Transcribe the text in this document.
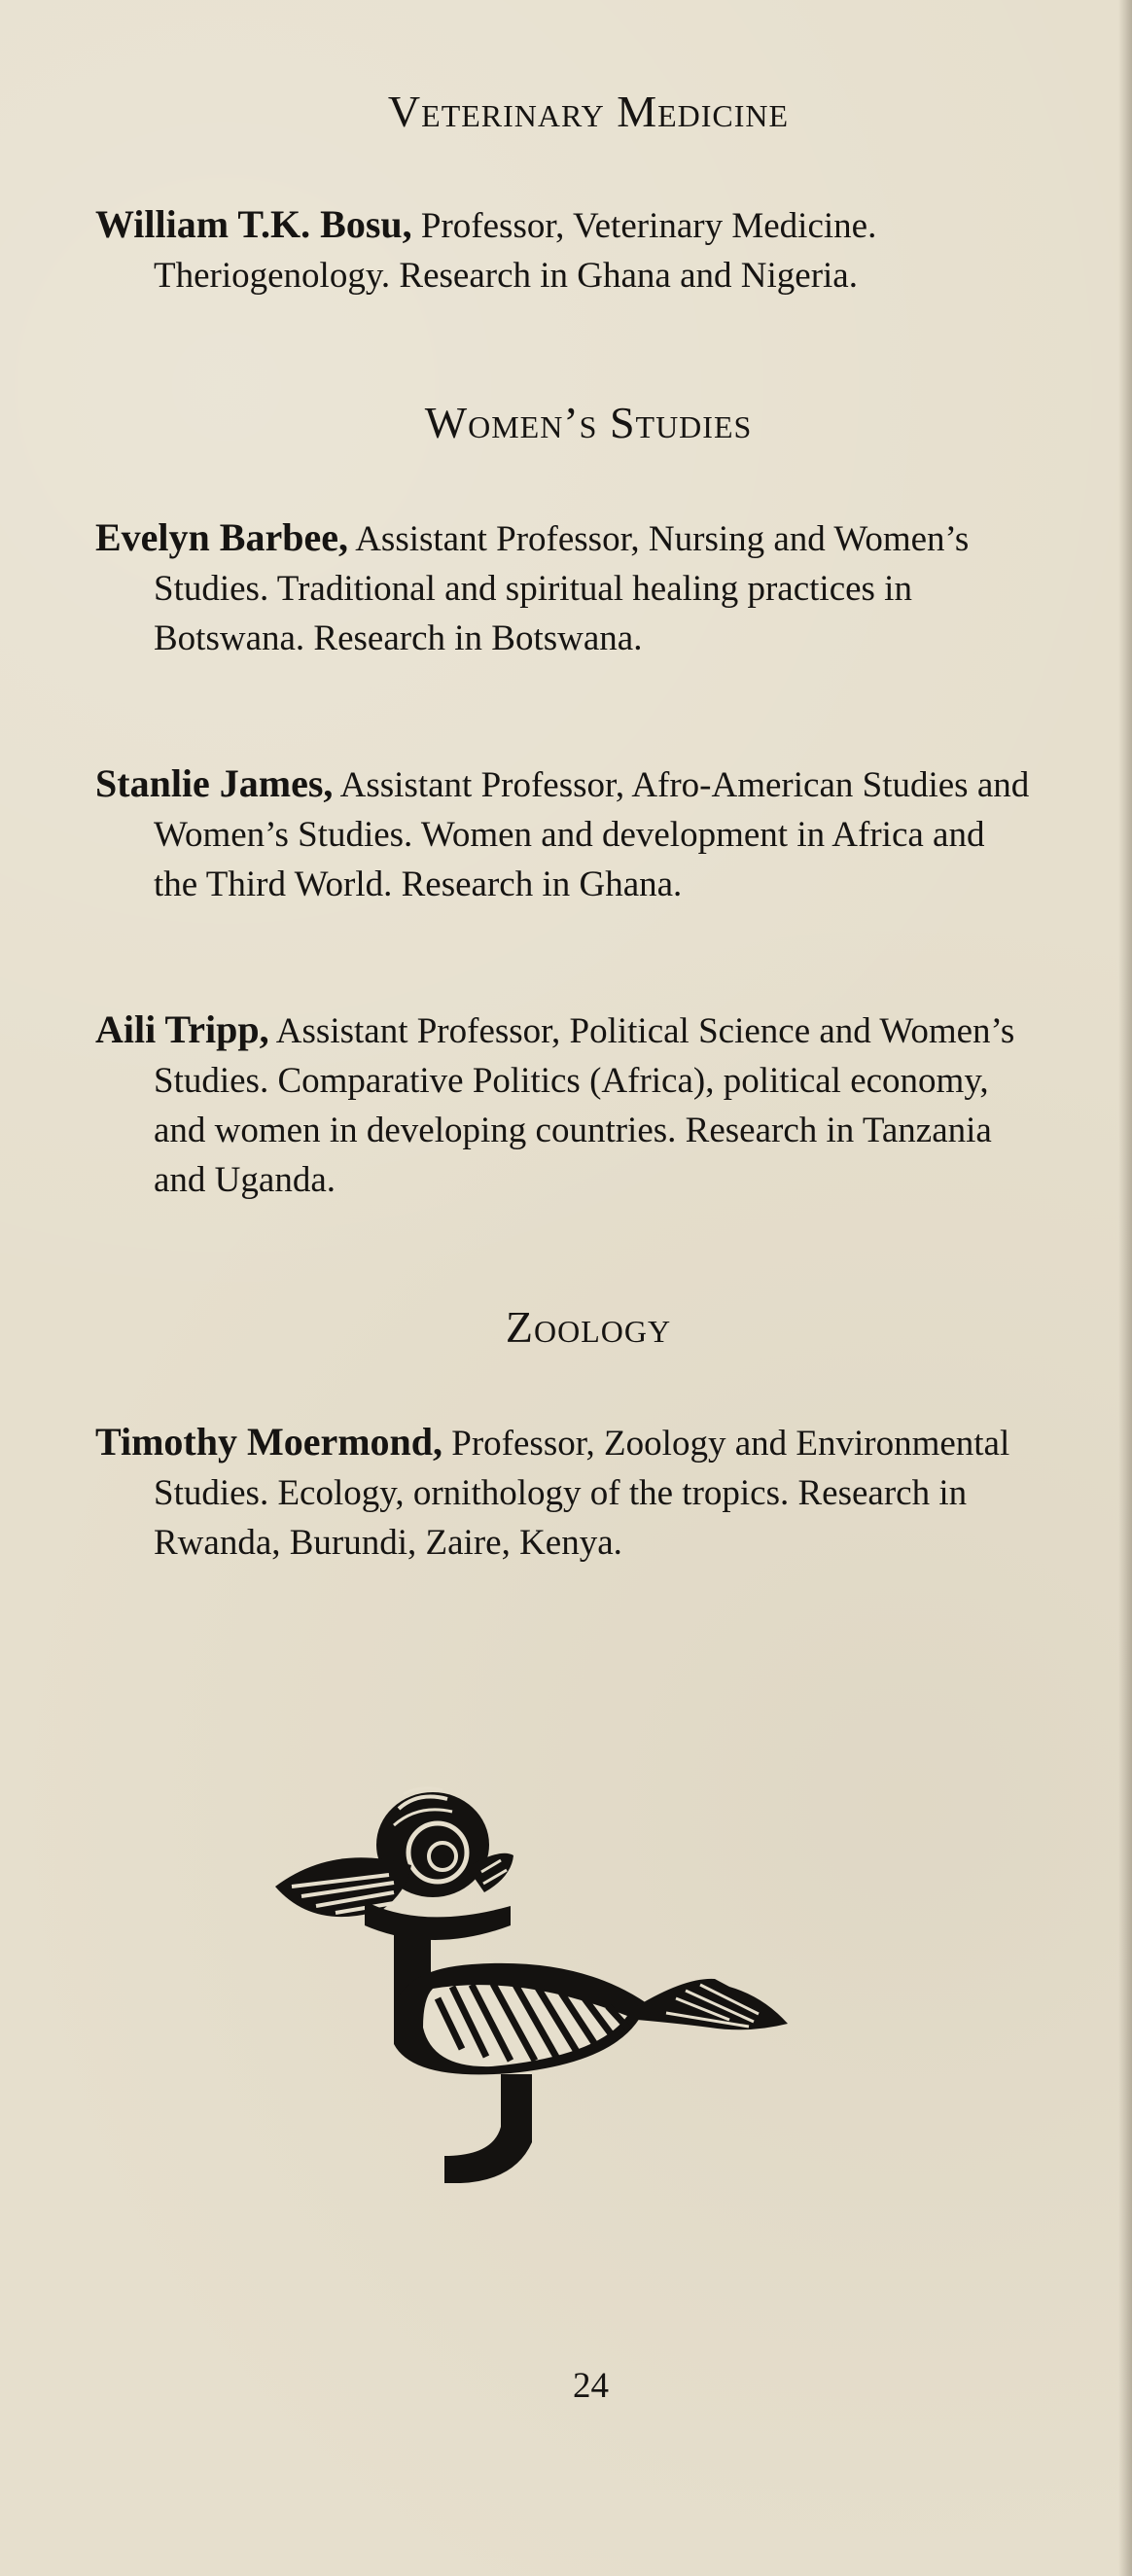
Veterinary Medicine

William T.K. Bosu, Professor, Veterinary Medicine. Theriogenology. Research in Ghana and Nigeria.

Women’s Studies

Evelyn Barbee, Assistant Professor, Nursing and Women’s Studies. Traditional and spiritual healing practices in Botswana. Research in Botswana.

Stanlie James, Assistant Professor, Afro-American Studies and Women’s Studies. Women and development in Africa and the Third World. Research in Ghana.

Aili Tripp, Assistant Professor, Political Science and Women’s Studies. Comparative Politics (Africa), political economy, and women in developing countries. Research in Tanzania and Uganda.

Zoology

Timothy Moermond, Professor, Zoology and Environmental Studies. Ecology, ornithology of the tropics. Research in Rwanda, Burundi, Zaire, Kenya.

24
